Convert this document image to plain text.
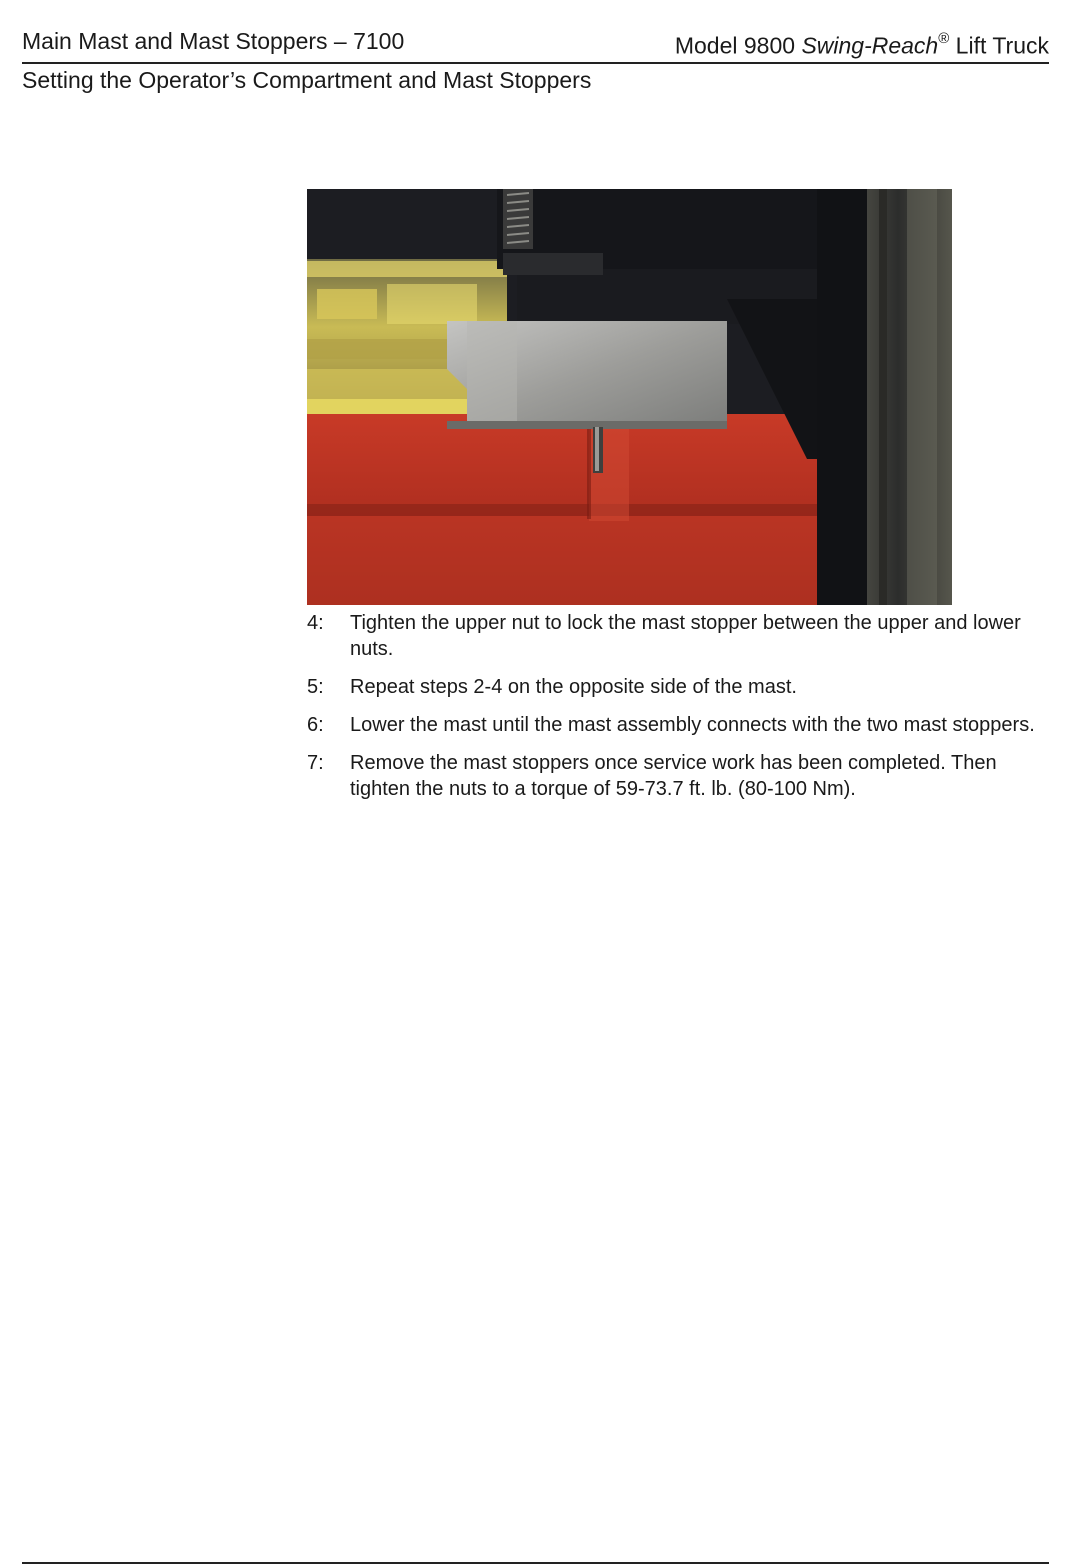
Main Mast and Mast Stoppers – 7100	Model 9800 Swing-Reach® Lift Truck
Setting the Operator’s Compartment and Mast Stoppers
4: Tighten the upper nut to lock the mast stopper between the upper and lower nuts.
5: Repeat steps 2-4 on the opposite side of the mast.
6: Lower the mast until the mast assembly connects with the two mast stoppers.
7: Remove the mast stoppers once service work has been completed. Then tighten the nuts to a torque of 59-73.7 ft. lb. (80-100 Nm).
